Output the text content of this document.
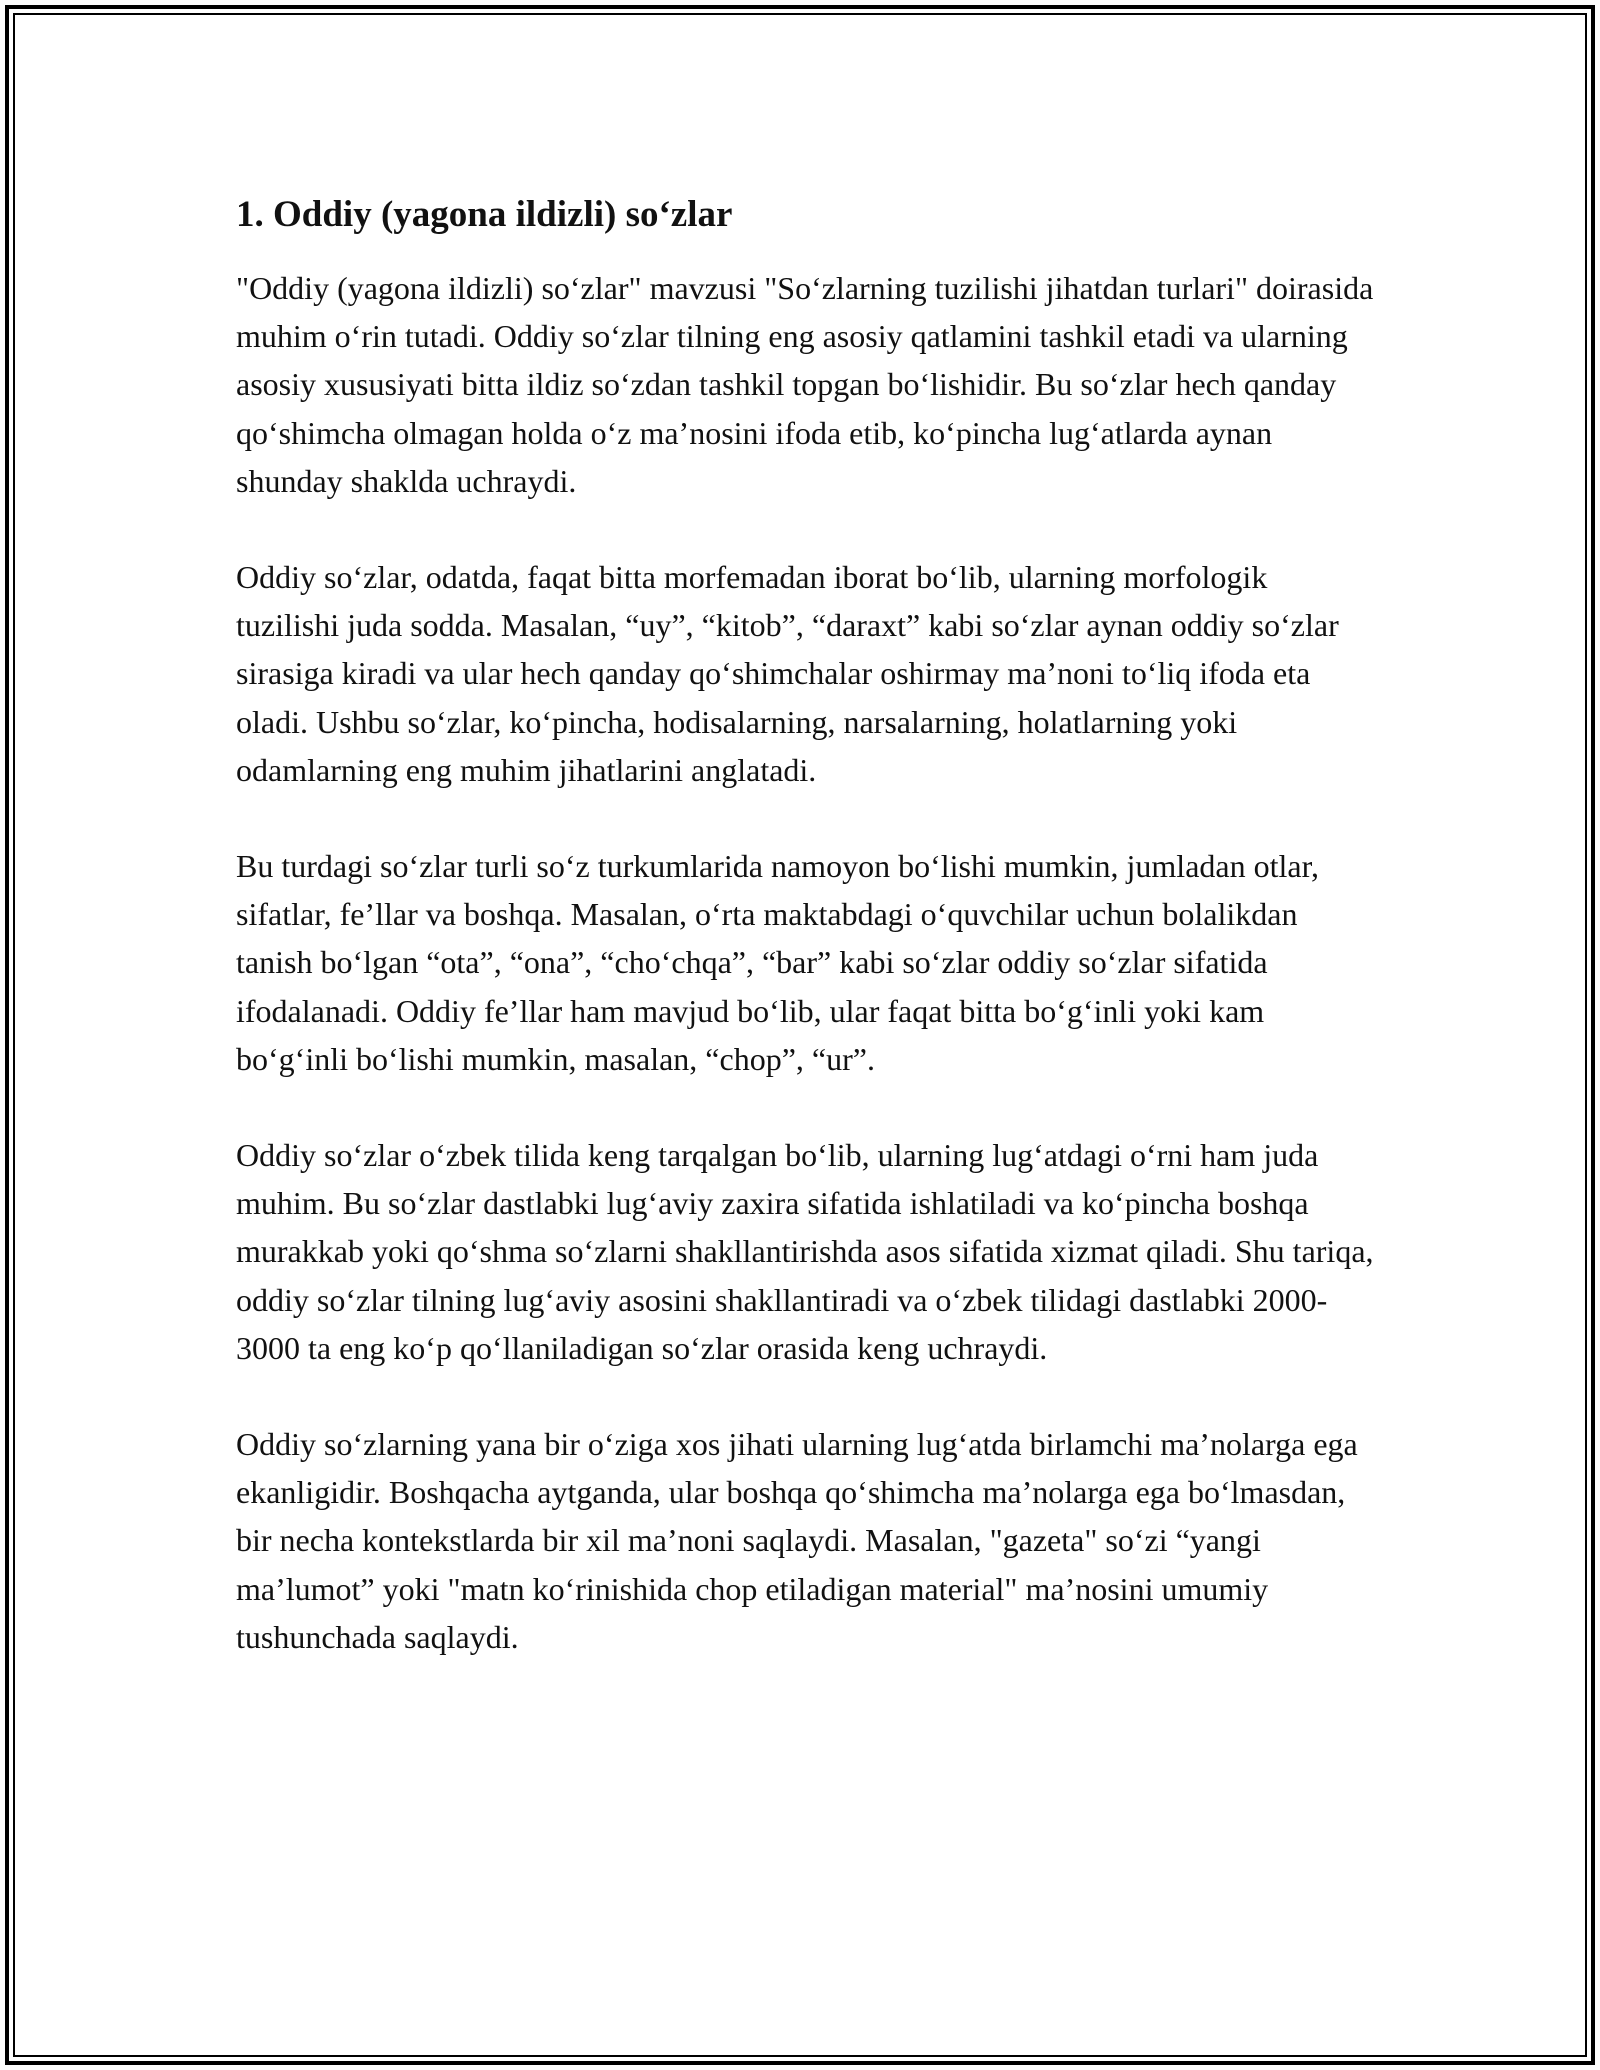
1. Oddiy (yagona ildizli) so‘zlar

"Oddiy (yagona ildizli) so‘zlar" mavzusi "So‘zlarning tuzilishi jihatdan turlari" doirasida muhim o‘rin tutadi. Oddiy so‘zlar tilning eng asosiy qatlamini tashkil etadi va ularning asosiy xususiyati bitta ildiz so‘zdan tashkil topgan bo‘lishidir. Bu so‘zlar hech qanday qo‘shimcha olmagan holda o‘z ma’nosini ifoda etib, ko‘pincha lug‘atlarda aynan shunday shaklda uchraydi.

Oddiy so‘zlar, odatda, faqat bitta morfemadan iborat bo‘lib, ularning morfologik tuzilishi juda sodda. Masalan, “uy”, “kitob”, “daraxt” kabi so‘zlar aynan oddiy so‘zlar sirasiga kiradi va ular hech qanday qo‘shimchalar oshirmay ma’noni to‘liq ifoda eta oladi. Ushbu so‘zlar, ko‘pincha, hodisalarning, narsalarning, holatlarning yoki odamlarning eng muhim jihatlarini anglatadi.

Bu turdagi so‘zlar turli so‘z turkumlarida namoyon bo‘lishi mumkin, jumladan otlar, sifatlar, fe’llar va boshqa. Masalan, o‘rta maktabdagi o‘quvchilar uchun bolalikdan tanish bo‘lgan “ota”, “ona”, “cho‘chqa”, “bar” kabi so‘zlar oddiy so‘zlar sifatida ifodalanadi. Oddiy fe’llar ham mavjud bo‘lib, ular faqat bitta bo‘g‘inli yoki kam bo‘g‘inli bo‘lishi mumkin, masalan, “chop”, “ur”.

Oddiy so‘zlar o‘zbek tilida keng tarqalgan bo‘lib, ularning lug‘atdagi o‘rni ham juda muhim. Bu so‘zlar dastlabki lug‘aviy zaxira sifatida ishlatiladi va ko‘pincha boshqa murakkab yoki qo‘shma so‘zlarni shakllantirishda asos sifatida xizmat qiladi. Shu tariqa, oddiy so‘zlar tilning lug‘aviy asosini shakllantiradi va o‘zbek tilidagi dastlabki 2000-3000 ta eng ko‘p qo‘llaniladigan so‘zlar orasida keng uchraydi.

Oddiy so‘zlarning yana bir o‘ziga xos jihati ularning lug‘atda birlamchi ma’nolarga ega ekanligidir. Boshqacha aytganda, ular boshqa qo‘shimcha ma’nolarga ega bo‘lmasdan, bir necha kontekstlarda bir xil ma’noni saqlaydi. Masalan, "gazeta" so‘zi “yangi ma’lumot” yoki "matn ko‘rinishida chop etiladigan material" ma’nosini umumiy tushunchada saqlaydi.
